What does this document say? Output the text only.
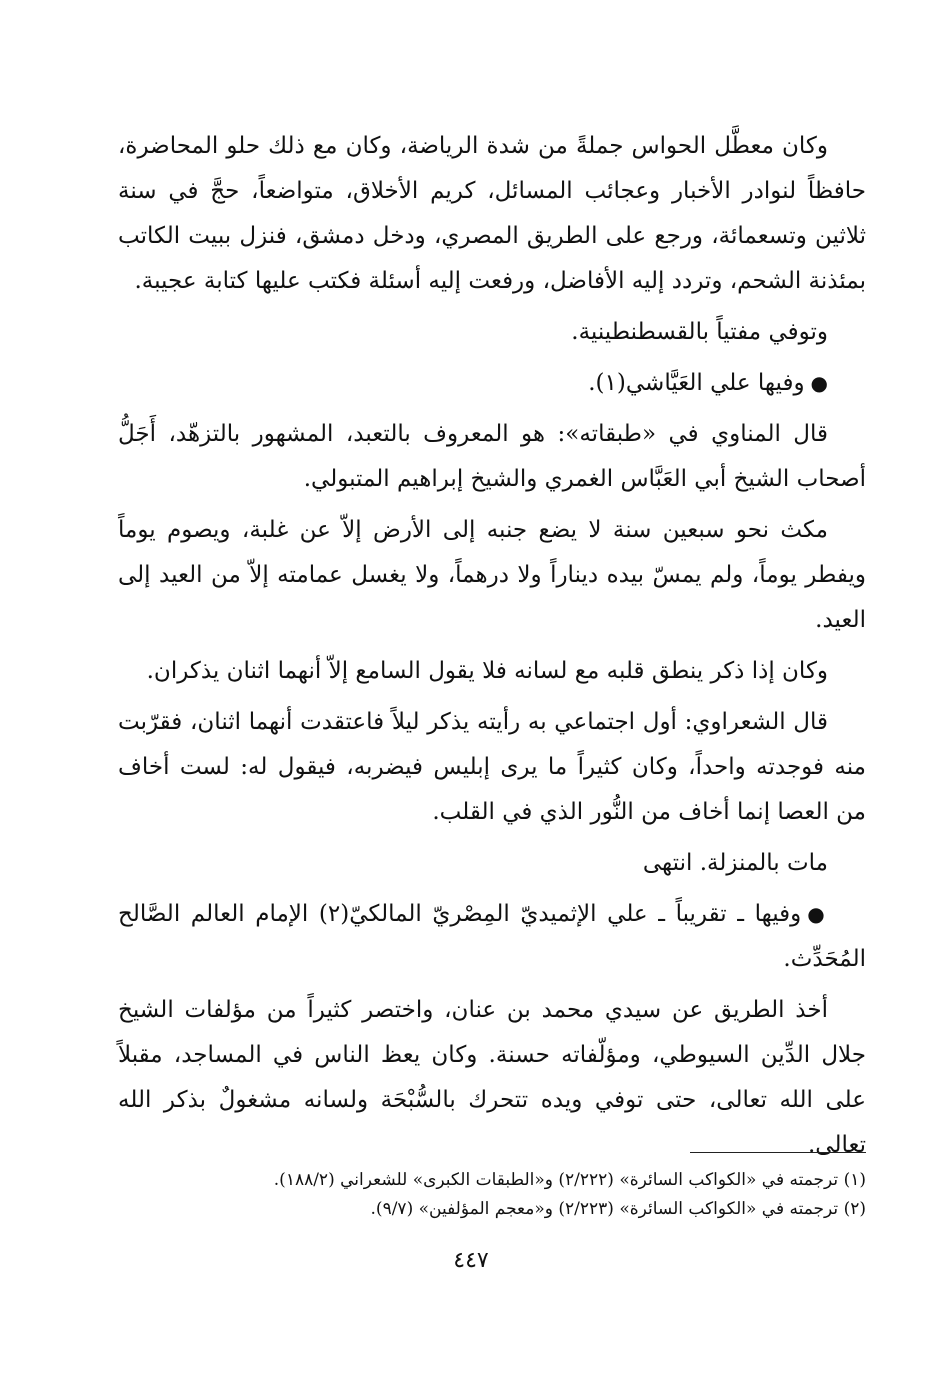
وكان معطَّل الحواس جملةً من شدة الرياضة، وكان مع ذلك حلو المحاضرة، حافظاً لنوادر الأخبار وعجائب المسائل، كريم الأخلاق، متواضعاً، حجَّ في سنة ثلاثين وتسعمائة، ورجع على الطريق المصري، ودخل دمشق، فنزل ببيت الكاتب بمئذنة الشحم، وتردد إليه الأفاضل، ورفعت إليه أسئلة فكتب عليها كتابة عجيبة.

وتوفي مفتياً بالقسطنطينية.

●وفيها علي العَيَّاشي(١).

قال المناوي في «طبقاته»: هو المعروف بالتعبد، المشهور بالتزهّد، أَجَلُّ أصحاب الشيخ أبي العَبَّاس الغمري والشيخ إبراهيم المتبولي.

مكث نحو سبعين سنة لا يضع جنبه إلى الأرض إلاّ عن غلبة، ويصوم يوماً ويفطر يوماً، ولم يمسّ بيده ديناراً ولا درهماً، ولا يغسل عمامته إلاّ من العيد إلى العيد.

وكان إذا ذكر ينطق قلبه مع لسانه فلا يقول السامع إلاّ أنهما اثنان يذكران.

قال الشعراوي: أول اجتماعي به رأيته يذكر ليلاً فاعتقدت أنهما اثنان، فقرّبت منه فوجدته واحداً، وكان كثيراً ما يرى إبليس فيضربه، فيقول له: لست أخاف من العصا إنما أخاف من النُّور الذي في القلب.

مات بالمنزلة. انتهى

●وفيها ـ تقريباً ـ علي الإثميديّ المِصْريّ المالكيّ(٢) الإمام العالم الصَّالح المُحَدِّث.

أخذ الطريق عن سيدي محمد بن عنان، واختصر كثيراً من مؤلفات الشيخ جلال الدِّين السيوطي، ومؤلّفاته حسنة. وكان يعظ الناس في المساجد، مقبلاً على الله تعالى، حتى توفي ويده تتحرك بالسُّبْحَة ولسانه مشغولٌ بذكر الله تعالى.

(١) ترجمته في «الكواكب السائرة» (٢/٢٢٢) و«الطبقات الكبرى» للشعراني (١٨٨/٢).
(٢) ترجمته في «الكواكب السائرة» (٢/٢٢٣) و«معجم المؤلفين» (٩/٧).
٤٤٧
